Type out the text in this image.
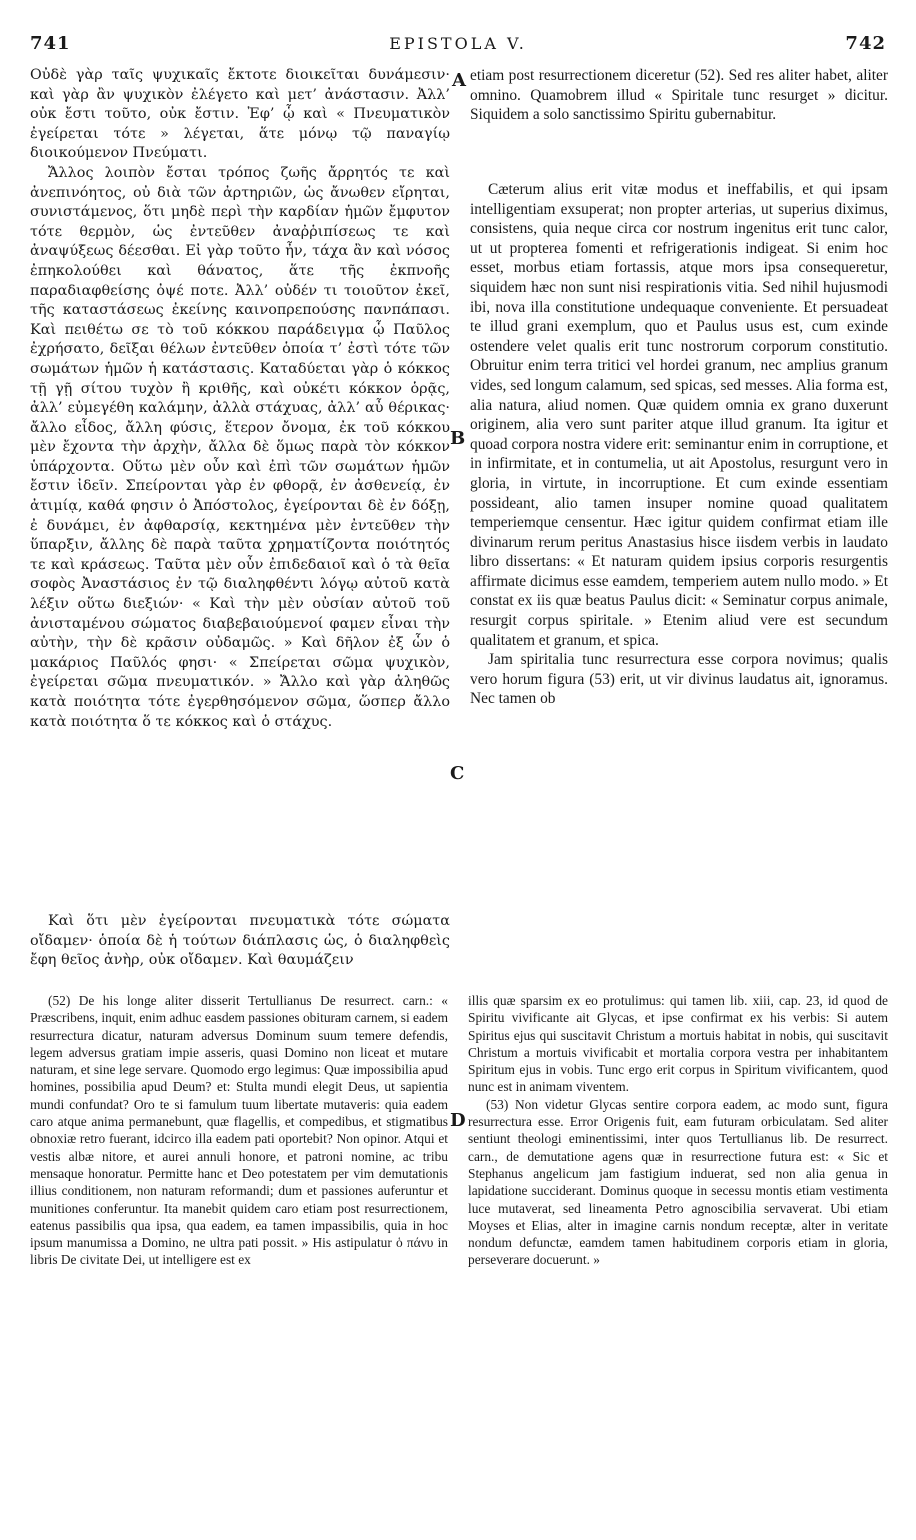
741	EPISTOLA V.	742

Οὐδὲ γὰρ ταῖς ψυχικαῖς ἔκτοτε διοικεῖται δυνάμεσιν· καὶ γὰρ ἂν ψυχικὸν ἐλέγετο καὶ μετ’ ἀνάστασιν. Ἀλλ’ οὐκ ἔστι τοῦτο, οὐκ ἔστιν. Ἐφ’ ᾧ καὶ « Πνευματικὸν ἐγείρεται τότε » λέγεται, ἅτε μόνῳ τῷ παναγίῳ διοικούμενον Πνεύματι.

Ἄλλος λοιπὸν ἔσται τρόπος ζωῆς ἄρρητός τε καὶ ἀνεπινόητος, οὐ διὰ τῶν ἀρτηριῶν, ὡς ἄνωθεν εἴρηται, συνιστάμενος, ὅτι μηδὲ περὶ τὴν καρδίαν ἡμῶν ἔμφυτον τότε θερμὸν, ὡς ἐντεῦθεν ἀναῤῥιπίσεως τε καὶ ἀναψύξεως δέεσθαι. Εἰ γὰρ τοῦτο ἦν, τάχα ἂν καὶ νόσος ἐπηκολούθει καὶ θάνατος, ἅτε τῆς ἐκπνοῆς παραδιαφθείσης ὀψέ ποτε. Ἀλλ’ οὐδέν τι τοιοῦτον ἐκεῖ, τῆς καταστάσεως ἐκείνης καινοπρεπούσης πανπάπασι. Καὶ πειθέτω σε τὸ τοῦ κόκκου παράδειγμα ᾧ Παῦλος ἐχρήσατο, δεῖξαι θέλων ἐντεῦθεν ὁποία τ’ ἐστὶ τότε τῶν σωμάτων ἡμῶν ἡ κατάστασις. Καταδύεται γὰρ ὁ κόκκος τῇ γῇ σίτου τυχὸν ἢ κριθῆς, καὶ οὐκέτι κόκκον ὁρᾷς, ἀλλ’ εὐμεγέθη καλάμην, ἀλλὰ στάχυας, ἀλλ’ αὖ θέρικας· ἄλλο εἶδος, ἄλλη φύσις, ἕτερον ὄνομα, ἐκ τοῦ κόκκου μὲν ἔχοντα τὴν ἀρχὴν, ἄλλα δὲ ὅμως παρὰ τὸν κόκκον ὑπάρχοντα. Οὕτω μὲν οὖν καὶ ἐπὶ τῶν σωμάτων ἡμῶν ἔστιν ἰδεῖν. Σπείρονται γὰρ ἐν φθορᾷ, ἐν ἀσθενείᾳ, ἐν ἀτιμίᾳ, καθά φησιν ὁ Ἀπόστολος, ἐγείρονται δὲ ἐν δόξῃ, ἐ δυνάμει, ἐν ἀφθαρσίᾳ, κεκτημένα μὲν ἐντεῦθεν τὴν ὕπαρξιν, ἄλλης δὲ παρὰ ταῦτα χρηματίζοντα ποιότητός τε καὶ κράσεως. Ταῦτα μὲν οὖν ἐπιδεδαιοῖ καὶ ὁ τὰ θεῖα σοφὸς Ἀναστάσιος ἐν τῷ διαληφθέντι λόγῳ αὐτοῦ κατὰ λέξιν οὕτω διεξιών· « Καὶ τὴν μὲν οὐσίαν αὐτοῦ τοῦ ἀνισταμένου σώματος διαβεβαιούμενοί φαμεν εἶναι τὴν αὐτὴν, τὴν δὲ κρᾶσιν οὐδαμῶς. » Καὶ δῆλον ἐξ ὧν ὁ μακάριος Παῦλός φησι· « Σπείρεται σῶμα ψυχικὸν, ἐγείρεται σῶμα πνευματικόν. » Ἄλλο καὶ γὰρ ἀληθῶς κατὰ ποιότητα τότε ἐγερθησόμενον σῶμα, ὥσπερ ἄλλο κατὰ ποιότητα ὅ τε κόκκος καὶ ὁ στάχυς.

Καὶ ὅτι μὲν ἐγείρονται πνευματικὰ τότε σώματα οἴδαμεν· ὁποία δὲ ἡ τούτων διάπλασις ὡς, ὁ διαληφθεὶς ἔφη θεῖος ἀνὴρ, οὐκ οἴδαμεν. Καὶ θαυμάζειν

etiam post resurrectionem diceretur (52). Sed res aliter habet, aliter omnino. Quamobrem illud « Spiritale tunc resurget » dicitur. Siquidem a solo sanctissimo Spiritu gubernabitur.

Cæterum alius erit vitæ modus et ineffabilis, et qui ipsam intelligentiam exsuperat; non propter arterias, ut superius diximus, consistens, quia neque circa cor nostrum ingenitus erit tunc calor, ut ut propterea fomenti et refrigerationis indigeat. Si enim hoc esset, morbus etiam fortassis, atque mors ipsa consequeretur, siquidem hæc non sunt nisi respirationis vitia. Sed nihil hujusmodi ibi, nova illa constitutione undequaque conveniente. Et persuadeat te illud grani exemplum, quo et Paulus usus est, cum exinde ostendere velet qualis erit tunc nostrorum corporum constitutio. Obruitur enim terra tritici vel hordei granum, nec amplius granum vides, sed longum calamum, sed spicas, sed messes. Alia forma est, alia natura, aliud nomen. Quæ quidem omnia ex grano duxerunt originem, alia vero sunt pariter atque illud granum. Ita igitur et quoad corpora nostra videre erit: seminantur enim in corruptione, et in infirmitate, et in contumelia, ut ait Apostolus, resurgunt vero in gloria, in virtute, in incorruptione. Et cum exinde essentiam possideant, alio tamen insuper nomine quoad qualitatem temperiemque censentur. Hæc igitur quidem confirmat etiam ille divinarum rerum peritus Anastasius hisce iisdem verbis in laudato libro dissertans: « Et naturam quidem ipsius corporis resurgentis affirmate dicimus esse eamdem, temperiem autem nullo modo. » Et constat ex iis quæ beatus Paulus dicit: « Seminatur corpus animale, resurgit corpus spiritale. » Etenim aliud vere est secundum qualitatem et granum, et spica.

Jam spiritalia tunc resurrectura esse corpora novimus; qualis vero horum figura (53) erit, ut vir divinus laudatus ait, ignoramus. Nec tamen ob

A
B
C
D

(52) De his longe aliter disserit Tertullianus De resurrect. carn.: « Præscribens, inquit, enim adhuc easdem passiones obituram carnem, si eadem resurrectura dicatur, naturam adversus Dominum suum temere defendis, legem adversus gratiam impie asseris, quasi Domino non liceat et mutare naturam, et sine lege servare. Quomodo ergo legimus: Quæ impossibilia apud homines, possibilia apud Deum? et: Stulta mundi elegit Deus, ut sapientia mundi confundat? Oro te si famulum tuum libertate mutaveris: quia eadem caro atque anima permanebunt, quæ flagellis, et compedibus, et stigmatibus obnoxiæ retro fuerant, idcirco illa eadem pati oportebit? Non opinor. Atqui et vestis albæ nitore, et aurei annuli honore, et patroni nomine, ac tribu mensaque honoratur. Permitte hanc et Deo potestatem per vim demutationis illius conditionem, non naturam reformandi; dum et passiones auferuntur et munitiones conferuntur. Ita manebit quidem caro etiam post resurrectionem, eatenus passibilis qua ipsa, qua eadem, ea tamen impassibilis, quia in hoc ipsum manumissa a Domino, ne ultra pati possit. » His astipulatur ὁ πάνυ in libris De civitate Dei, ut intelligere est ex

illis quæ sparsim ex eo protulimus: qui tamen lib. xiii, cap. 23, id quod de Spiritu vivificante ait Glycas, et ipse confirmat ex his verbis: Si autem Spiritus ejus qui suscitavit Christum a mortuis habitat in nobis, qui suscitavit Christum a mortuis vivificabit et mortalia corpora vestra per inhabitantem Spiritum ejus in vobis. Tunc ergo erit corpus in Spiritum vivificantem, quod nunc est in animam viventem.

(53) Non videtur Glycas sentire corpora eadem, ac modo sunt, figura resurrectura esse. Error Origenis fuit, eam futuram orbiculatam. Sed aliter sentiunt theologi eminentissimi, inter quos Tertullianus lib. De resurrect. carn., de demutatione agens quæ in resurrectione futura est: « Sic et Stephanus angelicum jam fastigium induerat, sed non alia genua in lapidatione succiderant. Dominus quoque in secessu montis etiam vestimenta luce mutaverat, sed lineamenta Petro agnoscibilia servaverat. Ubi etiam Moyses et Elias, alter in imagine carnis nondum receptæ, alter in veritate nondum defunctæ, eamdem tamen habitudinem corporis etiam in gloria, perseverare docuerunt. »
